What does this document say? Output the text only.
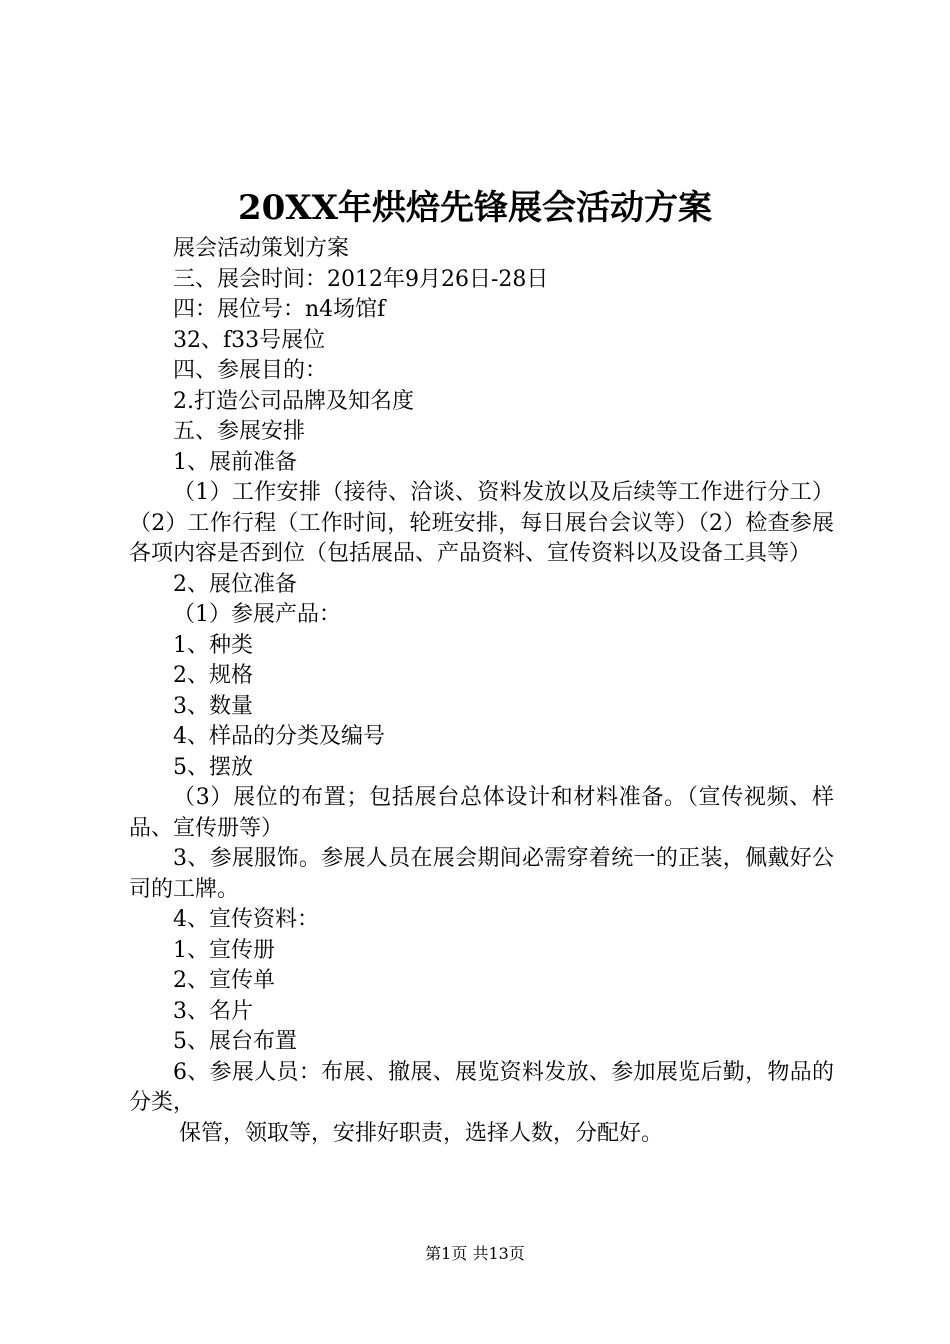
20XX年烘焙先锋展会活动方案

展会活动策划方案

三、展会时间：2012年9月26日-28日

四：展位号：n4场馆f

32、f33号展位

四、参展目的：

2.打造公司品牌及知名度

五、参展安排

1、展前准备

（1）工作安排（接待、洽谈、资料发放以及后续等工作进行分工）（2）工作行程（工作时间，轮班安排，每日展台会议等）（2）检查参展各项内容是否到位（包括展品、产品资料、宣传资料以及设备工具等）

2、展位准备

（1）参展产品：

1、种类

2、规格

3、数量

4、样品的分类及编号

5、摆放

（3）展位的布置；包括展台总体设计和材料准备。（宣传视频、样品、宣传册等）

3、参展服饰。参展人员在展会期间必需穿着统一的正装，佩戴好公司的工牌。

4、宣传资料：

1、宣传册

2、宣传单

3、名片

5、展台布置

6、参展人员：布展、撤展、展览资料发放、参加展览后勤，物品的分类，

保管，领取等，安排好职责，选择人数，分配好。

第1页 共13页
